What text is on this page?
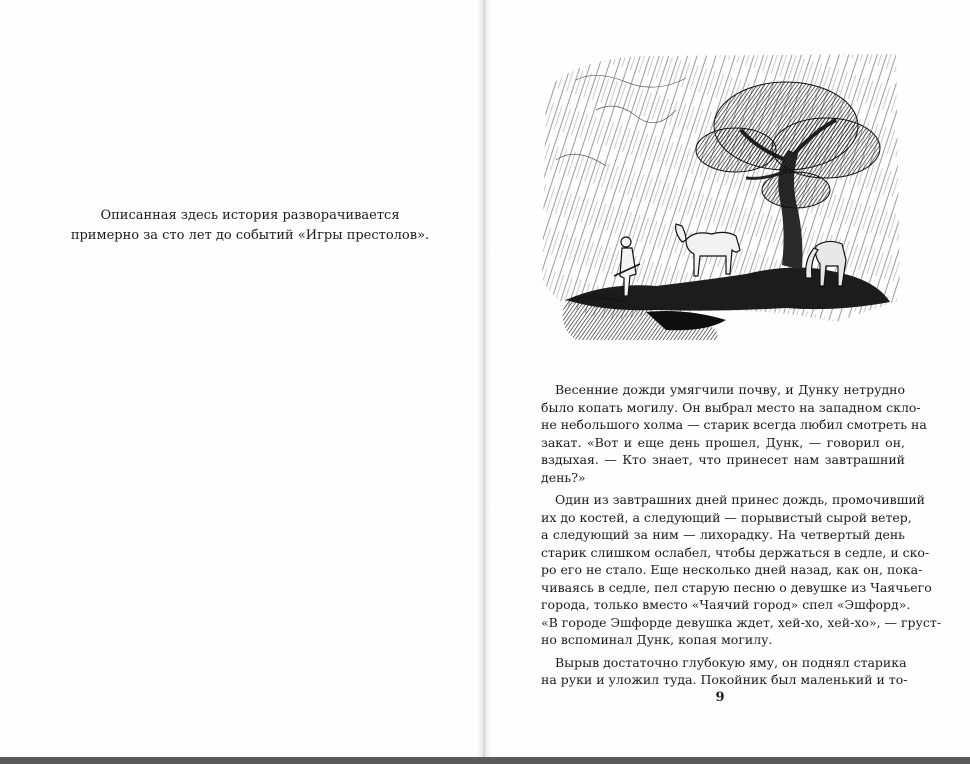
Описанная здесь история разворачивается

примерно за сто лет до событий «Игры престолов».

Весенние дожди умягчили почву, и Дунку нетрудно
было копать могилу. Он выбрал место на западном скло-
не небольшого холма — старик всегда любил смотреть на
закат. «Вот и еще день прошел, Дунк, — говорил он,
вздыхая. — Кто знает, что принесет нам завтрашний
день?»
Один из завтрашних дней принес дождь, промочивший
их до костей, а следующий — порывистый сырой ветер,
а следующий за ним — лихорадку. На четвертый день
старик слишком ослабел, чтобы держаться в седле, и ско-
ро его не стало. Еще несколько дней назад, как он, пока-
чиваясь в седле, пел старую песню о девушке из Чаячьего
города, только вместо «Чаячий город» спел «Эшфорд».
«В городе Эшфорде девушка ждет, хей-хо, хей-хо», — груст-
но вспоминал Дунк, копая могилу.
Вырыв достаточно глубокую яму, он поднял старика
на руки и уложил туда. Покойник был маленький и то-
9
